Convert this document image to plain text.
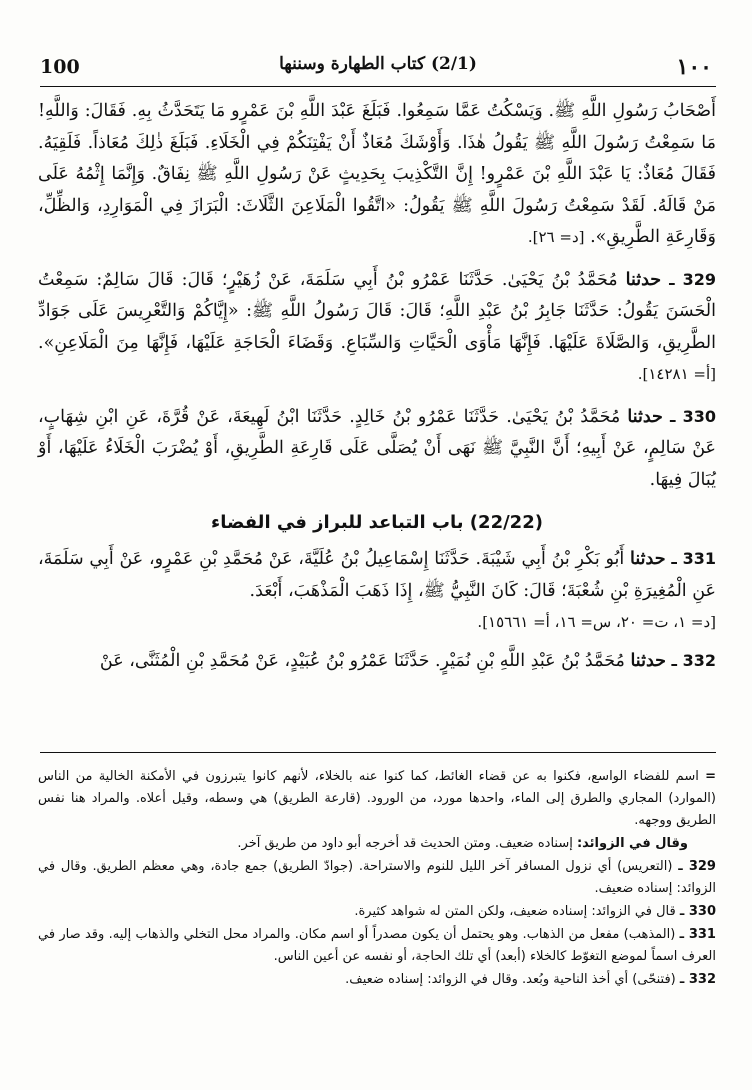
100	(2/1) كتاب الطهارة وسننها	١٠٠

أَصْحَابُ رَسُولِ اللَّهِ ﷺ. وَيَسْكُتُ عَمَّا سَمِعُوا. فَبَلَغَ عَبْدَ اللَّهِ بْنَ عَمْرٍو مَا يَتَحَدَّثُ بِهِ. فَقَالَ: وَاللَّهِ! مَا سَمِعْتُ رَسُولَ اللَّهِ ﷺ يَقُولُ هٰذَا. وَأَوْشَكَ مُعَاذٌ أَنْ يَفْتِنَكُمْ فِي الْخَلَاءِ. فَبَلَغَ ذٰلِكَ مُعَاذاً. فَلَقِيَهُ. فَقَالَ مُعَاذٌ: يَا عَبْدَ اللَّهِ بْنَ عَمْرٍو! إِنَّ التَّكْذِيبَ بِحَدِيثٍ عَنْ رَسُولِ اللَّهِ ﷺ نِفَاقٌ. وَإِنَّمَا إِثْمُهُ عَلَى مَنْ قَالَهُ. لَقَدْ سَمِعْتُ رَسُولَ اللَّهِ ﷺ يَقُولُ: «اتَّقُوا الْمَلَاعِنَ الثَّلَاثَ: الْبَرَازَ فِي الْمَوَارِدِ، وَالظِّلِّ، وَقَارِعَةِ الطَّرِيقِ». [د= ٢٦].

329 ـ حدثنا مُحَمَّدُ بْنُ يَحْيَىٰ. حَدَّثَنَا عَمْرُو بْنُ أَبِي سَلَمَةَ، عَنْ زُهَيْرٍ؛ قَالَ: قَالَ سَالِمٌ: سَمِعْتُ الْحَسَنَ يَقُولُ: حَدَّثَنَا جَابِرُ بْنُ عَبْدِ اللَّهِ؛ قَالَ: قَالَ رَسُولُ اللَّهِ ﷺ: «إِيَّاكُمْ وَالتَّعْرِيسَ عَلَى جَوَادِّ الطَّرِيقِ، وَالصَّلَاةَ عَلَيْهَا. فَإِنَّهَا مَأْوَى الْحَيَّاتِ وَالسِّبَاعِ. وَقَضَاءَ الْحَاجَةِ عَلَيْهَا، فَإِنَّهَا مِنَ الْمَلَاعِنِ». [أ= ١٤٢٨١].

330 ـ حدثنا مُحَمَّدُ بْنُ يَحْيَىٰ. حَدَّثَنَا عَمْرُو بْنُ خَالِدٍ. حَدَّثَنَا ابْنُ لَهِيعَةَ، عَنْ قُرَّةَ، عَنِ ابْنِ شِهَابٍ، عَنْ سَالِمٍ، عَنْ أَبِيهِ؛ أَنَّ النَّبِيَّ ﷺ نَهَى أَنْ يُصَلَّى عَلَى قَارِعَةِ الطَّرِيقِ، أَوْ يُضْرَبَ الْخَلَاءُ عَلَيْهَا، أَوْ يُبَالَ فِيهَا.

(22/22) باب التباعد للبراز في الفضاء

331 ـ حدثنا أَبُو بَكْرِ بْنُ أَبِي شَيْبَةَ. حَدَّثَنَا إِسْمَاعِيلُ بْنُ عُلَيَّةَ، عَنْ مُحَمَّدِ بْنِ عَمْرٍو، عَنْ أَبِي سَلَمَةَ، عَنِ الْمُغِيرَةِ بْنِ شُعْبَةَ؛ قَالَ: كَانَ النَّبِيُّ ﷺ، إِذَا ذَهَبَ الْمَذْهَبَ، أَبْعَدَ.

[د= ١، ت= ٢٠، س= ١٦، أ= ١٥٦٦١].

332 ـ حدثنا مُحَمَّدُ بْنُ عَبْدِ اللَّهِ بْنِ نُمَيْرٍ. حَدَّثَنَا عَمْرُو بْنُ عُبَيْدٍ، عَنْ مُحَمَّدِ بْنِ الْمُثَنَّى، عَنْ

= اسم للفضاء الواسع، فكنوا به عن قضاء الغائط، كما كنوا عنه بالخلاء، لأنهم كانوا يتبرزون في الأمكنة الخالية من الناس (الموارد) المجاري والطرق إلى الماء، واحدها مورد، من الورود. (قارعة الطريق) هي وسطه، وقيل أعلاه. والمراد هنا نفس الطريق ووجهه.

وقال في الزوائد: إسناده ضعيف. ومتن الحديث قد أخرجه أبو داود من طريق آخر.

329 ـ (التعريس) أي نزول المسافر آخر الليل للنوم والاستراحة. (جوادّ الطريق) جمع جادة، وهي معظم الطريق. وقال في الزوائد: إسناده ضعيف.

330 ـ قال في الزوائد: إسناده ضعيف، ولكن المتن له شواهد كثيرة.

331 ـ (المذهب) مفعل من الذهاب. وهو يحتمل أن يكون مصدراً أو اسم مكان. والمراد محل التخلي والذهاب إليه. وقد صار في العرف اسماً لموضع التغوّط كالخلاء (أبعد) أي تلك الحاجة، أو نفسه عن أعين الناس.

332 ـ (فتنحّى) أي أخذ الناحية وبُعد. وقال في الزوائد: إسناده ضعيف.
